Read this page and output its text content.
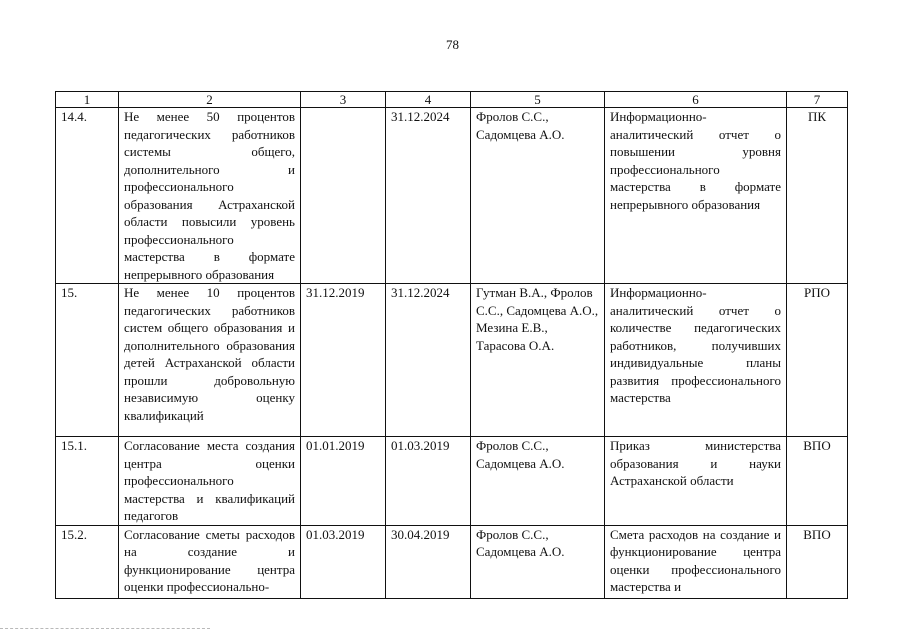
78
1	2	3	4	5	6	7
14.4.	Не менее 50 процентов педагогических работников системы общего, дополнительного и профессионального образования Астраханской области повысили уровень профессионального мастерства в формате непрерывного образования		31.12.2024	Фролов С.С., Садомцева А.О.	Информационно-аналитический отчет о повышении уровня профессионального мастерства в формате непрерывного образования	ПК
15.	Не менее 10 процентов педагогических работников систем общего образования и дополнительного образования детей Астраханской области прошли добровольную независимую оценку квалификаций	31.12.2019	31.12.2024	Гутман В.А., Фролов С.С., Садомцева А.О., Мезина Е.В., Тарасова О.А.	Информационно-аналитический отчет о количестве педагогических работников, получивших индивидуальные планы развития профессионального мастерства	РПО
15.1.	Согласование места создания центра оценки профессионального мастерства и квалификаций педагогов	01.01.2019	01.03.2019	Фролов С.С., Садомцева А.О.	Приказ министерства образования и науки Астраханской области	ВПО
15.2.	Согласование сметы расходов на создание и функционирование центра оценки профессионально-	01.03.2019	30.04.2019	Фролов С.С., Садомцева А.О.	Смета расходов на создание и функционирование центра оценки профессионального мастерства и	ВПО
